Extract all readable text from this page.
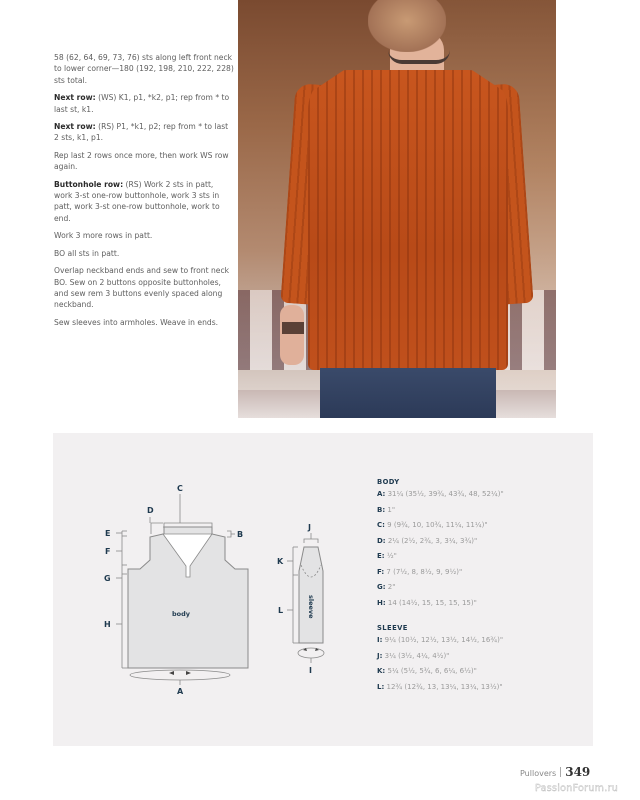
58 (62, 64, 69, 73, 76) sts along left front neck to lower corner—180 (192, 198, 210, 222, 228) sts total.

Next row: (WS) K1, p1, *k2, p1; rep from * to last st, k1.

Next row: (RS) P1, *k1, p2; rep from * to last 2 sts, k1, p1.

Rep last 2 rows once more, then work WS row again.

Buttonhole row: (RS) Work 2 sts in patt, work 3-st one-row buttonhole, work 3 sts in patt, work 3-st one-row buttonhole, work to end.

Work 3 more rows in patt.

BO all sts in patt.

Overlap neckband ends and sew to front neck BO. Sew on 2 buttons opposite buttonholes, and sew rem 3 buttons evenly spaced along neckband.

Sew sleeves into armholes. Weave in ends.

C
D
B
E
F
G
H
body
A
J
K
L	sleeve
I
BODY
A: 31¼ (35½, 39¾, 43¾, 48, 52¼)"
B: 1"
C: 9 (9¾, 10, 10¾, 11¼, 11¼)"
D: 2¼ (2½, 2¾, 3, 3¼, 3¾)"
E: ½"
F: 7 (7½, 8, 8½, 9, 9½)"
G: 2"
H: 14 (14½, 15, 15, 15, 15)"
SLEEVE
I: 9¼ (10½, 12½, 13½, 14½, 16¾)"
J: 3¼ (3½, 4¼, 4½)"
K: 5¼ (5½, 5¾, 6, 6¼, 6½)"
L: 12¾ (12¾, 13, 13¼, 13¼, 13½)"
Pullovers 349
PassionForum.ru
